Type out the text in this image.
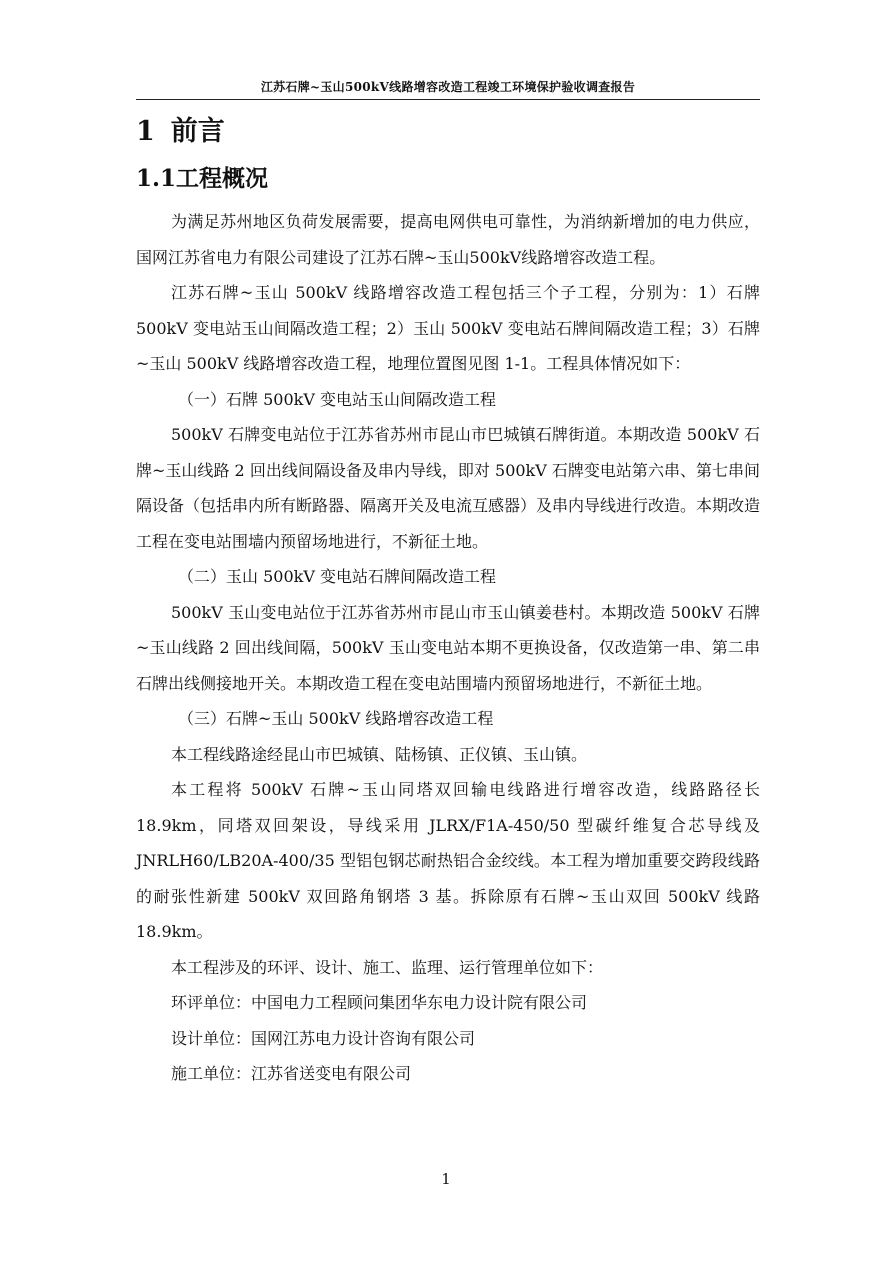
江苏石牌~玉山500kV线路增容改造工程竣工环境保护验收调查报告
1 前言
1.1工程概况

为满足苏州地区负荷发展需要，提高电网供电可靠性，为消纳新增加的电力供应，国网江苏省电力有限公司建设了江苏石牌~玉山500kV线路增容改造工程。

江苏石牌~玉山 500kV 线路增容改造工程包括三个子工程，分别为：1）石牌 500kV 变电站玉山间隔改造工程；2）玉山 500kV 变电站石牌间隔改造工程；3）石牌~玉山 500kV 线路增容改造工程，地理位置图见图 1-1。工程具体情况如下：

（一）石牌 500kV 变电站玉山间隔改造工程

500kV 石牌变电站位于江苏省苏州市昆山市巴城镇石牌街道。本期改造 500kV 石牌~玉山线路 2 回出线间隔设备及串内导线，即对 500kV 石牌变电站第六串、第七串间隔设备（包括串内所有断路器、隔离开关及电流互感器）及串内导线进行改造。本期改造工程在变电站围墙内预留场地进行，不新征土地。

（二）玉山 500kV 变电站石牌间隔改造工程

500kV 玉山变电站位于江苏省苏州市昆山市玉山镇姜巷村。本期改造 500kV 石牌~玉山线路 2 回出线间隔，500kV 玉山变电站本期不更换设备，仅改造第一串、第二串石牌出线侧接地开关。本期改造工程在变电站围墙内预留场地进行，不新征土地。

（三）石牌~玉山 500kV 线路增容改造工程

本工程线路途经昆山市巴城镇、陆杨镇、正仪镇、玉山镇。

本工程将 500kV 石牌~玉山同塔双回输电线路进行增容改造，线路路径长 18.9km，同塔双回架设，导线采用 JLRX/F1A-450/50 型碳纤维复合芯导线及 JNRLH60/LB20A-400/35 型铝包钢芯耐热铝合金绞线。本工程为增加重要交跨段线路的耐张性新建 500kV 双回路角钢塔 3 基。拆除原有石牌~玉山双回 500kV 线路 18.9km。

本工程涉及的环评、设计、施工、监理、运行管理单位如下：

环评单位：中国电力工程顾问集团华东电力设计院有限公司

设计单位：国网江苏电力设计咨询有限公司

施工单位：江苏省送变电有限公司

1
